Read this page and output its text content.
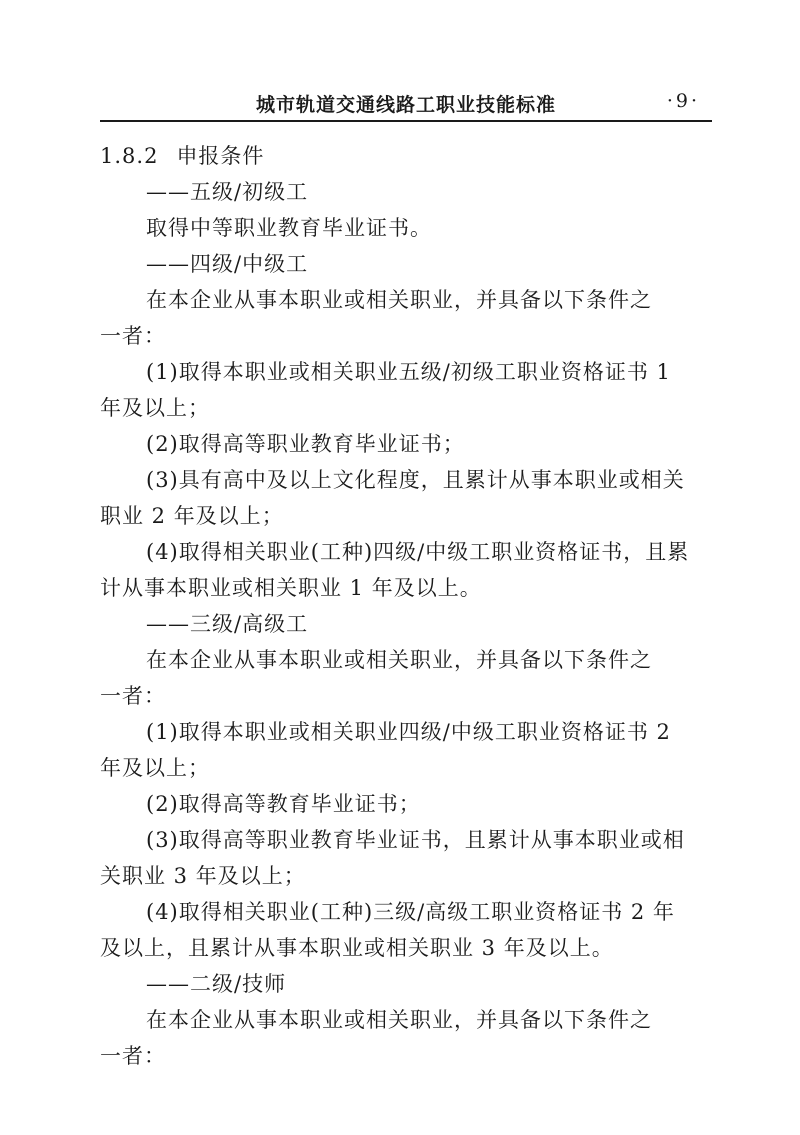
城市轨道交通线路工职业技能标准	·9·
1.8.2 申报条件
——五级/初级工
取得中等职业教育毕业证书。
——四级/中级工
在本企业从事本职业或相关职业，并具备以下条件之
一者：
(1)取得本职业或相关职业五级/初级工职业资格证书 1
年及以上；
(2)取得高等职业教育毕业证书；
(3)具有高中及以上文化程度，且累计从事本职业或相关
职业 2 年及以上；
(4)取得相关职业(工种)四级/中级工职业资格证书，且累
计从事本职业或相关职业 1 年及以上。
——三级/高级工
在本企业从事本职业或相关职业，并具备以下条件之
一者：
(1)取得本职业或相关职业四级/中级工职业资格证书 2
年及以上；
(2)取得高等教育毕业证书；
(3)取得高等职业教育毕业证书，且累计从事本职业或相
关职业 3 年及以上；
(4)取得相关职业(工种)三级/高级工职业资格证书 2 年
及以上，且累计从事本职业或相关职业 3 年及以上。
——二级/技师
在本企业从事本职业或相关职业，并具备以下条件之
一者：
